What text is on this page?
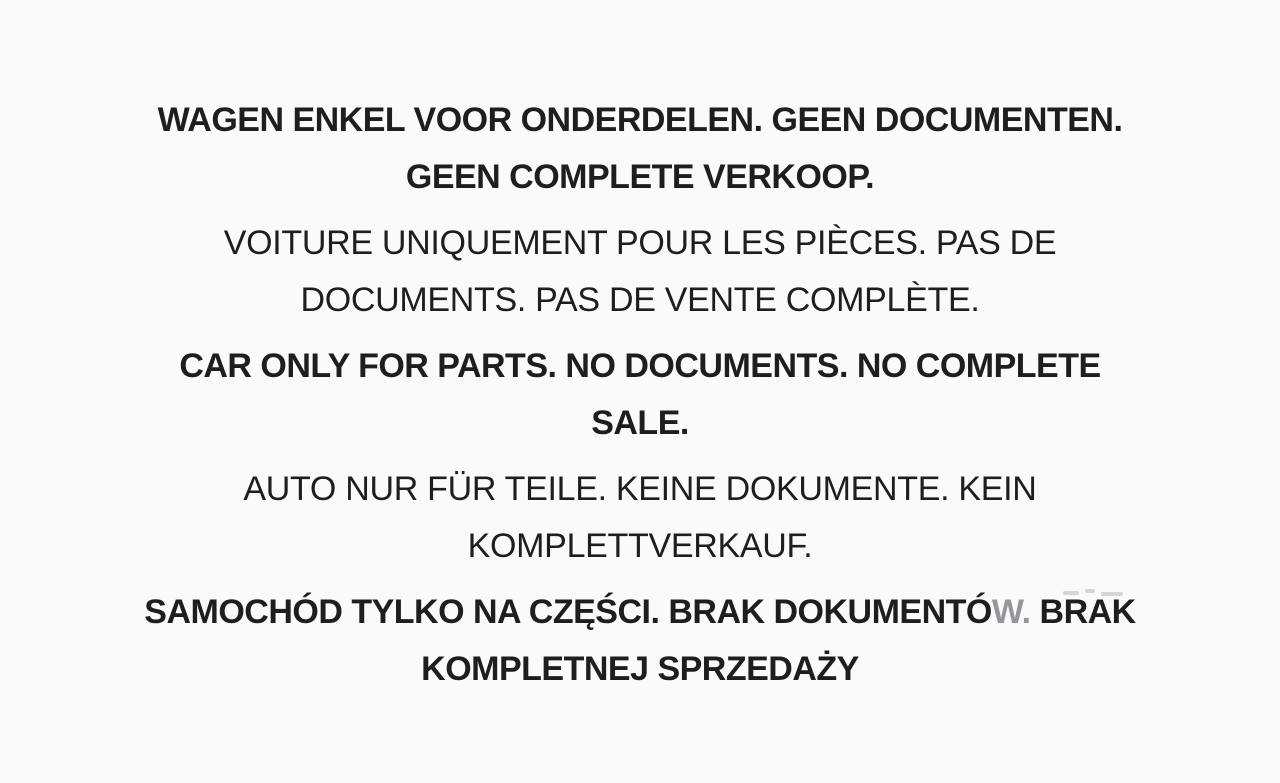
WAGEN ENKEL VOOR ONDERDELEN. GEEN DOCUMENTEN.
GEEN COMPLETE VERKOOP.

VOITURE UNIQUEMENT POUR LES PIÈCES. PAS DE
DOCUMENTS. PAS DE VENTE COMPLÈTE.

CAR ONLY FOR PARTS. NO DOCUMENTS. NO COMPLETE
SALE.

AUTO NUR FÜR TEILE. KEINE DOKUMENTE. KEIN
KOMPLETTVERKAUF.

SAMOCHÓD TYLKO NA CZĘŚCI. BRAK DOKUMENTÓW. BRAK
KOMPLETNEJ SPRZEDAŻY
